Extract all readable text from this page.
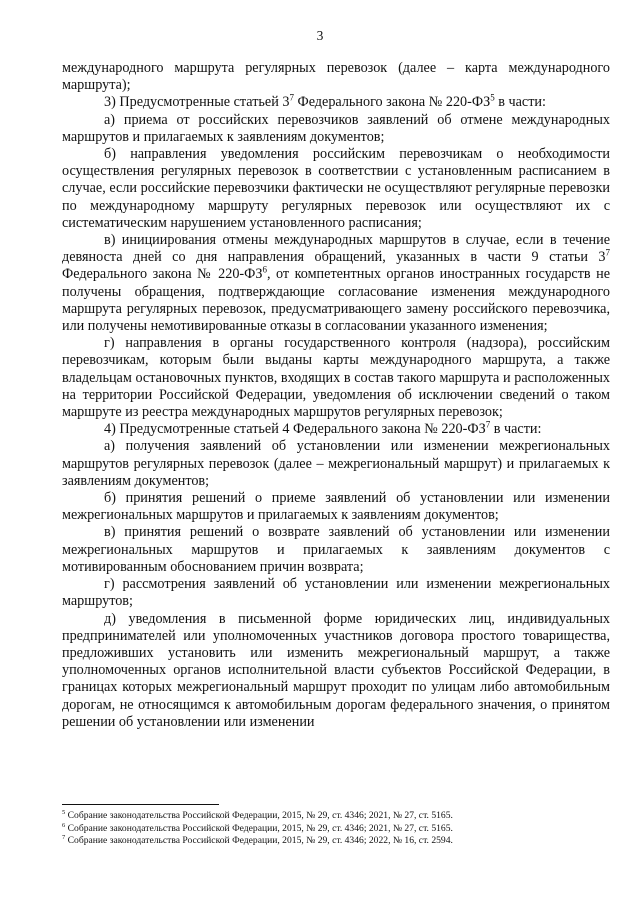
3

международного маршрута регулярных перевозок (далее – карта международного маршрута);

3) Предусмотренные статьей $3^7$ Федерального закона № $220-ФЗ^5$ в части:

а) приема от российских перевозчиков заявлений об отмене международных маршрутов и прилагаемых к заявлениям документов;

б) направления уведомления российским перевозчикам о необходимости осуществления регулярных перевозок в соответствии с установленным расписанием в случае, если российские перевозчики фактически не осуществляют регулярные перевозки по международному маршруту регулярных перевозок или осуществляют их с систематическим нарушением установленного расписания;

в) инициирования отмены международных маршрутов в случае, если в течение девяноста дней со дня направления обращений, указанных в части 9 статьи $3^7$ Федерального закона № $220-ФЗ^6$, от компетентных органов иностранных государств не получены обращения, подтверждающие согласование изменения международного маршрута регулярных перевозок, предусматривающего замену российского перевозчика, или получены немотивированные отказы в согласовании указанного изменения;

г) направления в органы государственного контроля (надзора), российским перевозчикам, которым были выданы карты международного маршрута, а также владельцам остановочных пунктов, входящих в состав такого маршрута и расположенных на территории Российской Федерации, уведомления об исключении сведений о таком маршруте из реестра международных маршрутов регулярных перевозок;

4) Предусмотренные статьей 4 Федерального закона № $220-ФЗ^7$ в части:

а) получения заявлений об установлении или изменении межрегиональных маршрутов регулярных перевозок (далее – межрегиональный маршрут) и прилагаемых к заявлениям документов;

б) принятия решений о приеме заявлений об установлении или изменении межрегиональных маршрутов и прилагаемых к заявлениям документов;

в) принятия решений о возврате заявлений об установлении или изменении межрегиональных маршрутов и прилагаемых к заявлениям документов с мотивированным обоснованием причин возврата;

г) рассмотрения заявлений об установлении или изменении межрегиональных маршрутов;

д) уведомления в письменной форме юридических лиц, индивидуальных предпринимателей или уполномоченных участников договора простого товарищества, предложивших установить или изменить межрегиональный маршрут, а также уполномоченных органов исполнительной власти субъектов Российской Федерации, в границах которых межрегиональный маршрут проходит по улицам либо автомобильным дорогам, не относящимся к автомобильным дорогам федерального значения, о принятом решении об установлении или изменении

$^5$ Собрание законодательства Российской Федерации, 2015, № 29, ст. 4346; 2021, № 27, ст. 5165.

$^6$ Собрание законодательства Российской Федерации, 2015, № 29, ст. 4346; 2021, № 27, ст. 5165.

$^7$ Собрание законодательства Российской Федерации, 2015, № 29, ст. 4346; 2022, № 16, ст. 2594.
